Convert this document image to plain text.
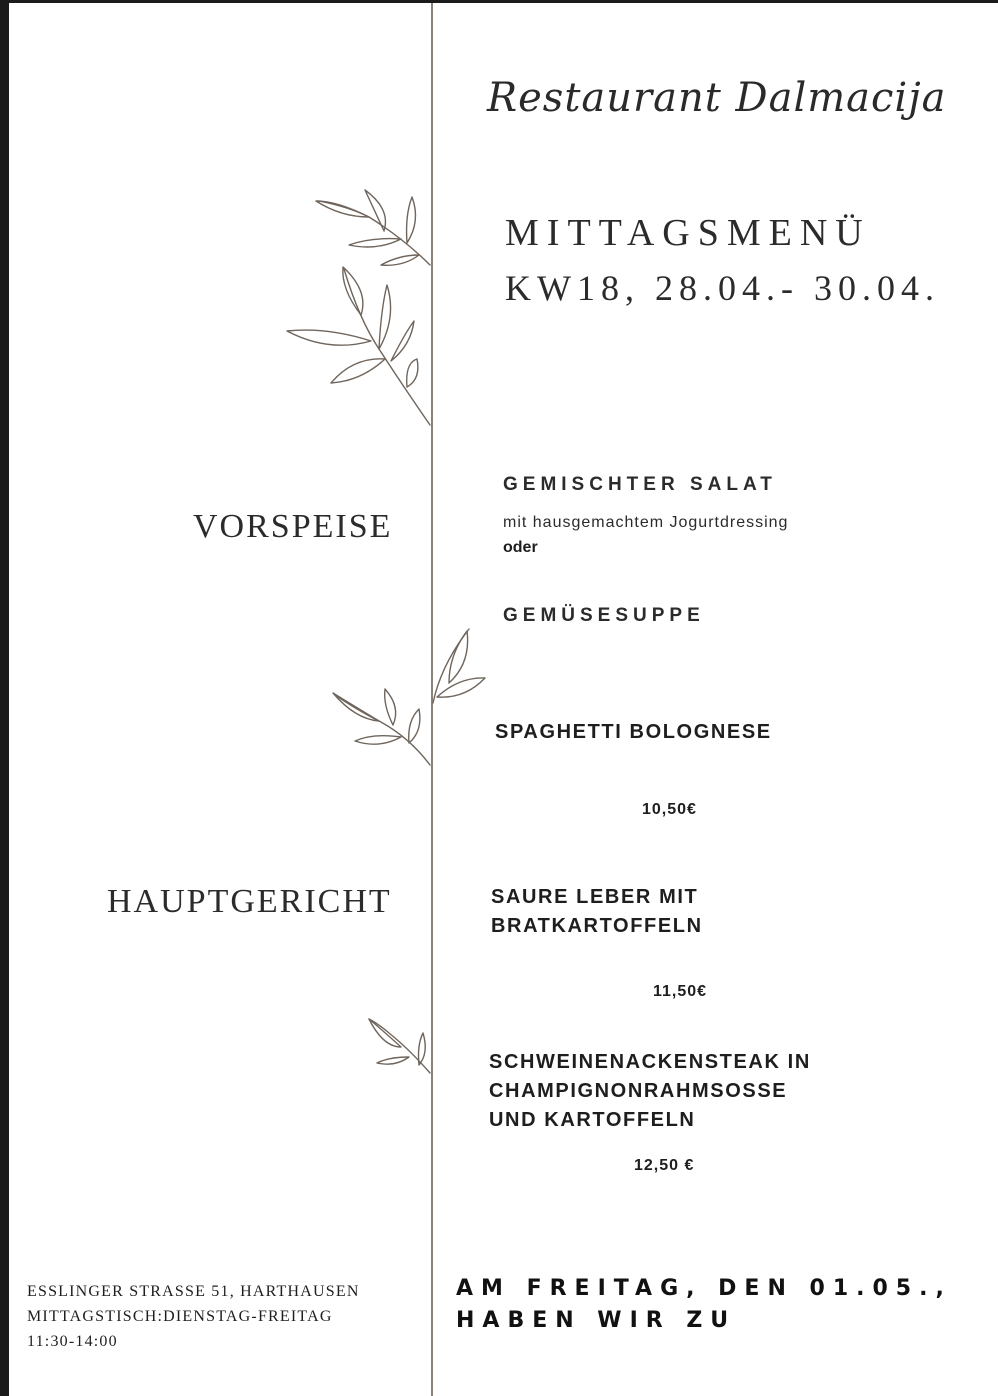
Restaurant Dalmacija
MITTAGSMENÜ
KW18, 28.04.- 30.04.
VORSPEISE
GEMISCHTER SALAT
mit hausgemachtem Jogurtdressing
oder
GEMÜSESUPPE
HAUPTGERICHT
SPAGHETTI BOLOGNESE
10,50€
SAURE LEBER MIT
BRATKARTOFFELN
11,50€
SCHWEINENACKENSTEAK IN
CHAMPIGNONRAHMSOSSE
UND KARTOFFELN
12,50 €
ESSLINGER STRASSE 51, HARTHAUSEN
MITTAGSTISCH:DIENSTAG-FREITAG
11:30-14:00
AM FREITAG, DEN 01.05.,
HABEN WIR ZU
